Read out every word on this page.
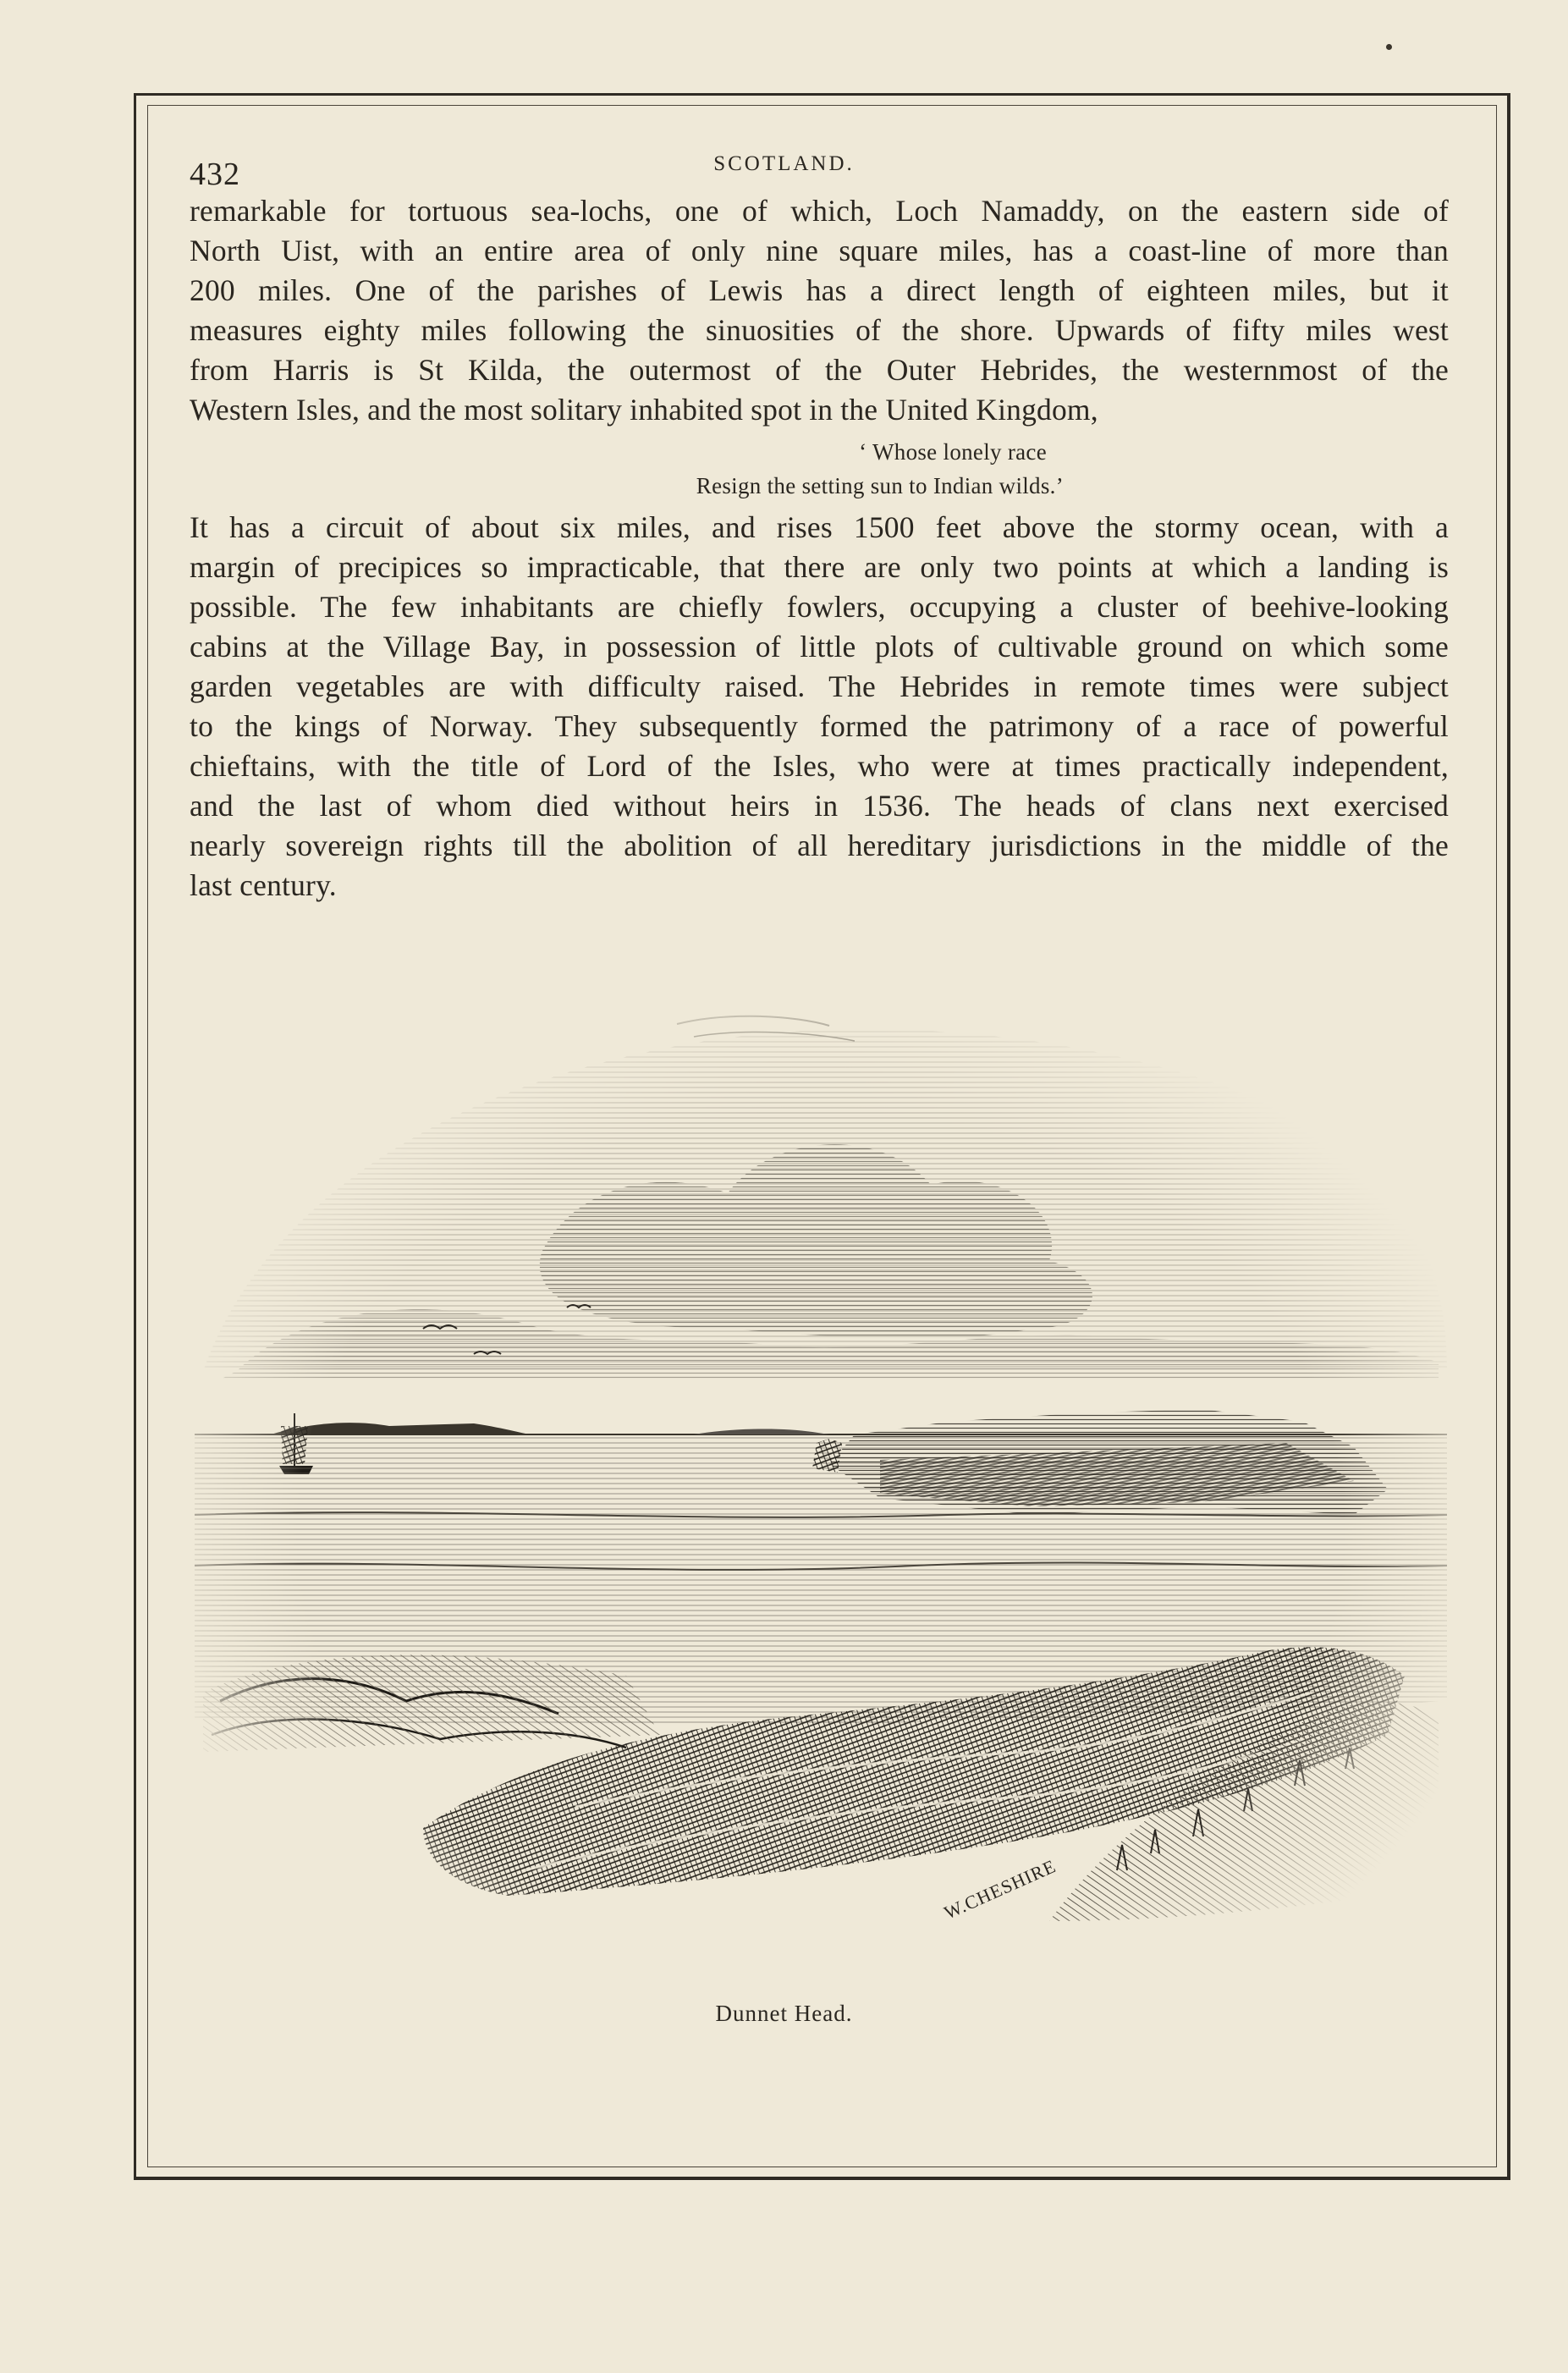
432	SCOTLAND.
remarkable for tortuous sea-lochs, one of which, Loch Namaddy, on the eastern side of
North Uist, with an entire area of only nine square miles, has a coast-line of more than
200 miles. One of the parishes of Lewis has a direct length of eighteen miles, but it
measures eighty miles following the sinuosities of the shore. Upwards of fifty miles west
from Harris is St Kilda, the outermost of the Outer Hebrides, the westernmost of the
Western Isles, and the most solitary inhabited spot in the United Kingdom,
‘ Whose lonely race
Resign the setting sun to Indian wilds.’
It has a circuit of about six miles, and rises 1500 feet above the stormy ocean, with a
margin of precipices so impracticable, that there are only two points at which a landing is
possible. The few inhabitants are chiefly fowlers, occupying a cluster of beehive-looking
cabins at the Village Bay, in possession of little plots of cultivable ground on which some
garden vegetables are with difficulty raised. The Hebrides in remote times were subject
to the kings of Norway. They subsequently formed the patrimony of a race of powerful
chieftains, with the title of Lord of the Isles, who were at times practically independent,
and the last of whom died without heirs in 1536. The heads of clans next exercised
nearly sovereign rights till the abolition of all hereditary jurisdictions in the middle of the
last century.
Dunnet Head.
